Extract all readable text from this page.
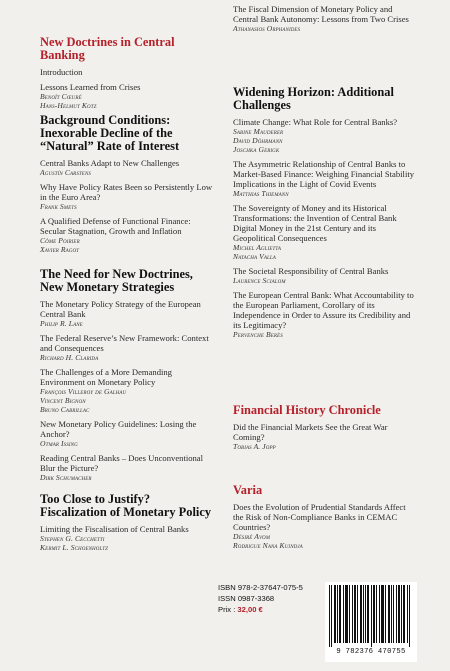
New Doctrines in Central Banking
Introduction
Lessons Learned from Crises
Benoît Cœuré
Hans-Helmut Kotz
Background Conditions: Inexorable Decline of the “Natural” Rate of Interest
Central Banks Adapt to New Challenges
Agustín Carstens
Why Have Policy Rates Been so Persistently Low in the Euro Area?
Frank Smets
A Qualified Defense of Functional Finance: Secular Stagnation, Growth and Inflation
Côme Poirier
Xavier Ragot
The Need for New Doctrines, New Monetary Strategies
The Monetary Policy Strategy of the European Central Bank
Philip R. Lane
The Federal Reserve’s New Framework: Context and Consequences
Richard H. Clarida
The Challenges of a More Demanding Environment on Monetary Policy
François Villeroy de Galhau
Vincent Bignon
Bruno Cabrillac
New Monetary Policy Guidelines: Losing the Anchor?
Otmar Issing
Reading Central Banks – Does Unconventional Blur the Picture?
Dirk Schumacher
Too Close to Justify? Fiscalization of Monetary Policy
Limiting the Fiscalisation of Central Banks
Stephen G. Cecchetti
Kermit L. Schoenholtz
The Fiscal Dimension of Monetary Policy and Central Bank Autonomy: Lessons from Two Crises
Athanasios Orphanides
Widening Horizon: Additional Challenges
Climate Change: What Role for Central Banks?
Sabine Mauderer
David Döhrmann
Joschka Gerigk
The Asymmetric Relationship of Central Banks to Market-Based Finance: Weighing Financial Stability Implications in the Light of Covid Events
Matthias Thiemann
The Sovereignty of Money and its Historical Transformations: the Invention of Central Bank Digital Money in the 21st Century and its Geopolitical Consequences
Michel Aglietta
Natacha Valla
The Societal Responsibility of Central Banks
Laurence Scialom
The European Central Bank: What Accountability to the European Parliament, Corollary of its Independence in Order to Assure its Credibility and its Legitimacy?
Pervenche Berès
Financial History Chronicle
Did the Financial Markets See the Great War Coming?
Tobias A. Jopp
Varia
Does the Evolution of Prudential Standards Affect the Risk of Non-Compliance Banks in CEMAC Countries?
Désiré Avom
Rodrigue Nana Kuindja
ISBN 978-2-37647-075-5
ISSN 0987-3368
Prix : 32,00 €
9 782376 470755
